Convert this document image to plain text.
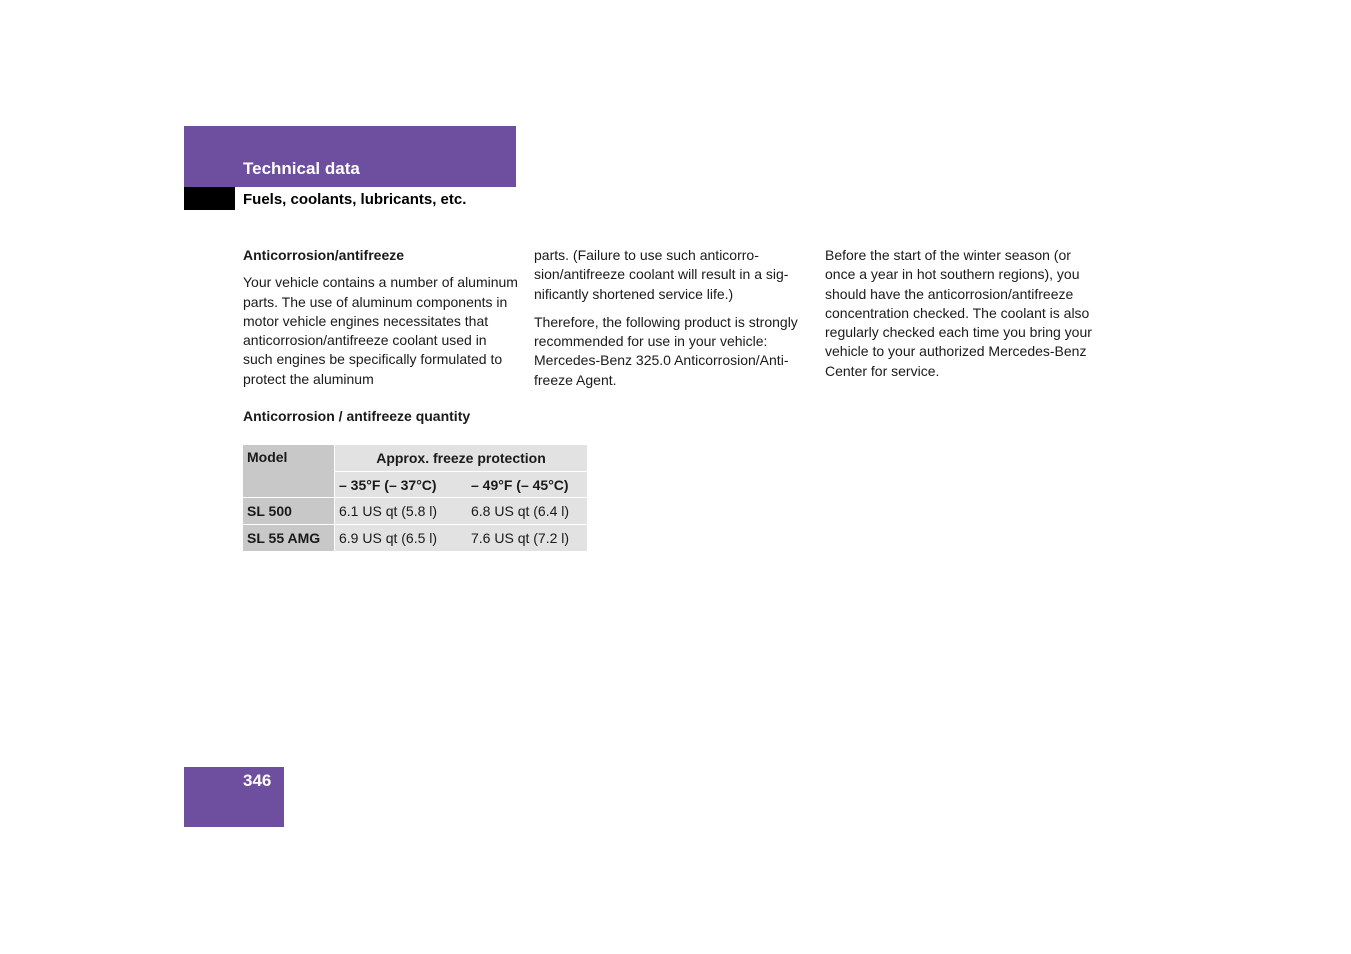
Technical data
Fuels, coolants, lubricants, etc.
Anticorrosion/antifreeze

Your vehicle contains a number of aluminum parts. The use of aluminum components in motor vehicle engines necessitates that anticorrosion/antifreeze coolant used in such engines be specifically formulated to protect the aluminum

parts. (Failure to use such anticorrosion/antifreeze coolant will result in a significantly shortened service life.)

Therefore, the following product is strongly recommended for use in your vehicle: Mercedes-Benz 325.0 Anticorrosion/Antifreeze Agent.

Before the start of the winter season (or once a year in hot southern regions), you should have the anticorrosion/antifreeze concentration checked. The coolant is also regularly checked each time you bring your vehicle to your authorized Mercedes-Benz Center for service.

Anticorrosion / antifreeze quantity
Model	Approx. freeze protection	
	– 35°F (– 37°C)	– 49°F (– 45°C)
SL 500	6.1 US qt (5.8 l)	6.8 US qt (6.4 l)
SL 55 AMG	6.9 US qt (6.5 l)	7.6 US qt (7.2 l)
346
